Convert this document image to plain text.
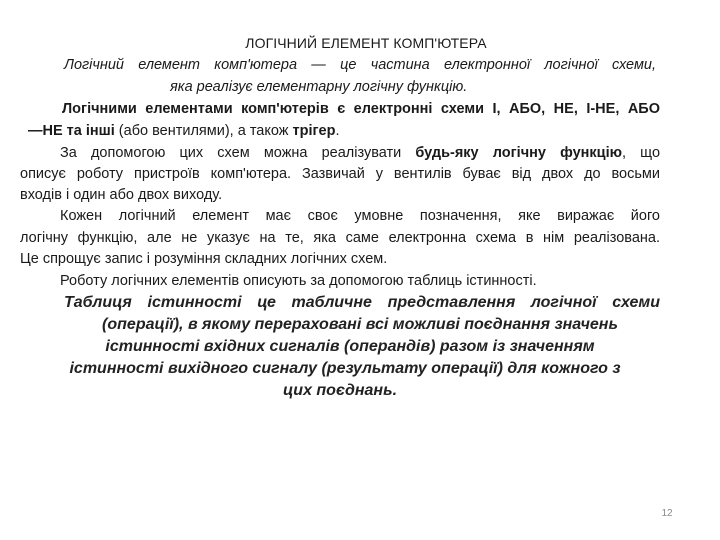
ЛОГІЧНИЙ ЕЛЕМЕНТ КОМП'ЮТЕРА
Логічний елемент комп'ютера — це частина електронної логічної схеми,
яка реалізує елементарну логічну функцію.
Логічними елементами комп'ютерів є електронні схеми І, АБО, НЕ, І-НЕ, АБО
—НЕ та інші (або вентилями), а також трігер.
За допомогою цих схем можна реалізувати будь-яку логічну функцію, що
описує роботу пристроїв комп'ютера. Зазвичай у вентилів буває від двох до восьми
входів і один або двох виходу.
Кожен логічний елемент має своє умовне позначення, яке виражає його
логічну функцію, але не указує на те, яка саме електронна схема в нім реалізована.
Це спрощує запис і розуміння складних логічних схем.
Роботу логічних елементів описують за допомогою таблиць істинності.
Таблиця істинності це табличне представлення логічної схеми
(операції), в якому перераховані всі можливі поєднання значень
істинності вхідних сигналів (операндів) разом із значенням
істинності вихідного сигналу (результату операції) для кожного з
цих поєднань.
12
